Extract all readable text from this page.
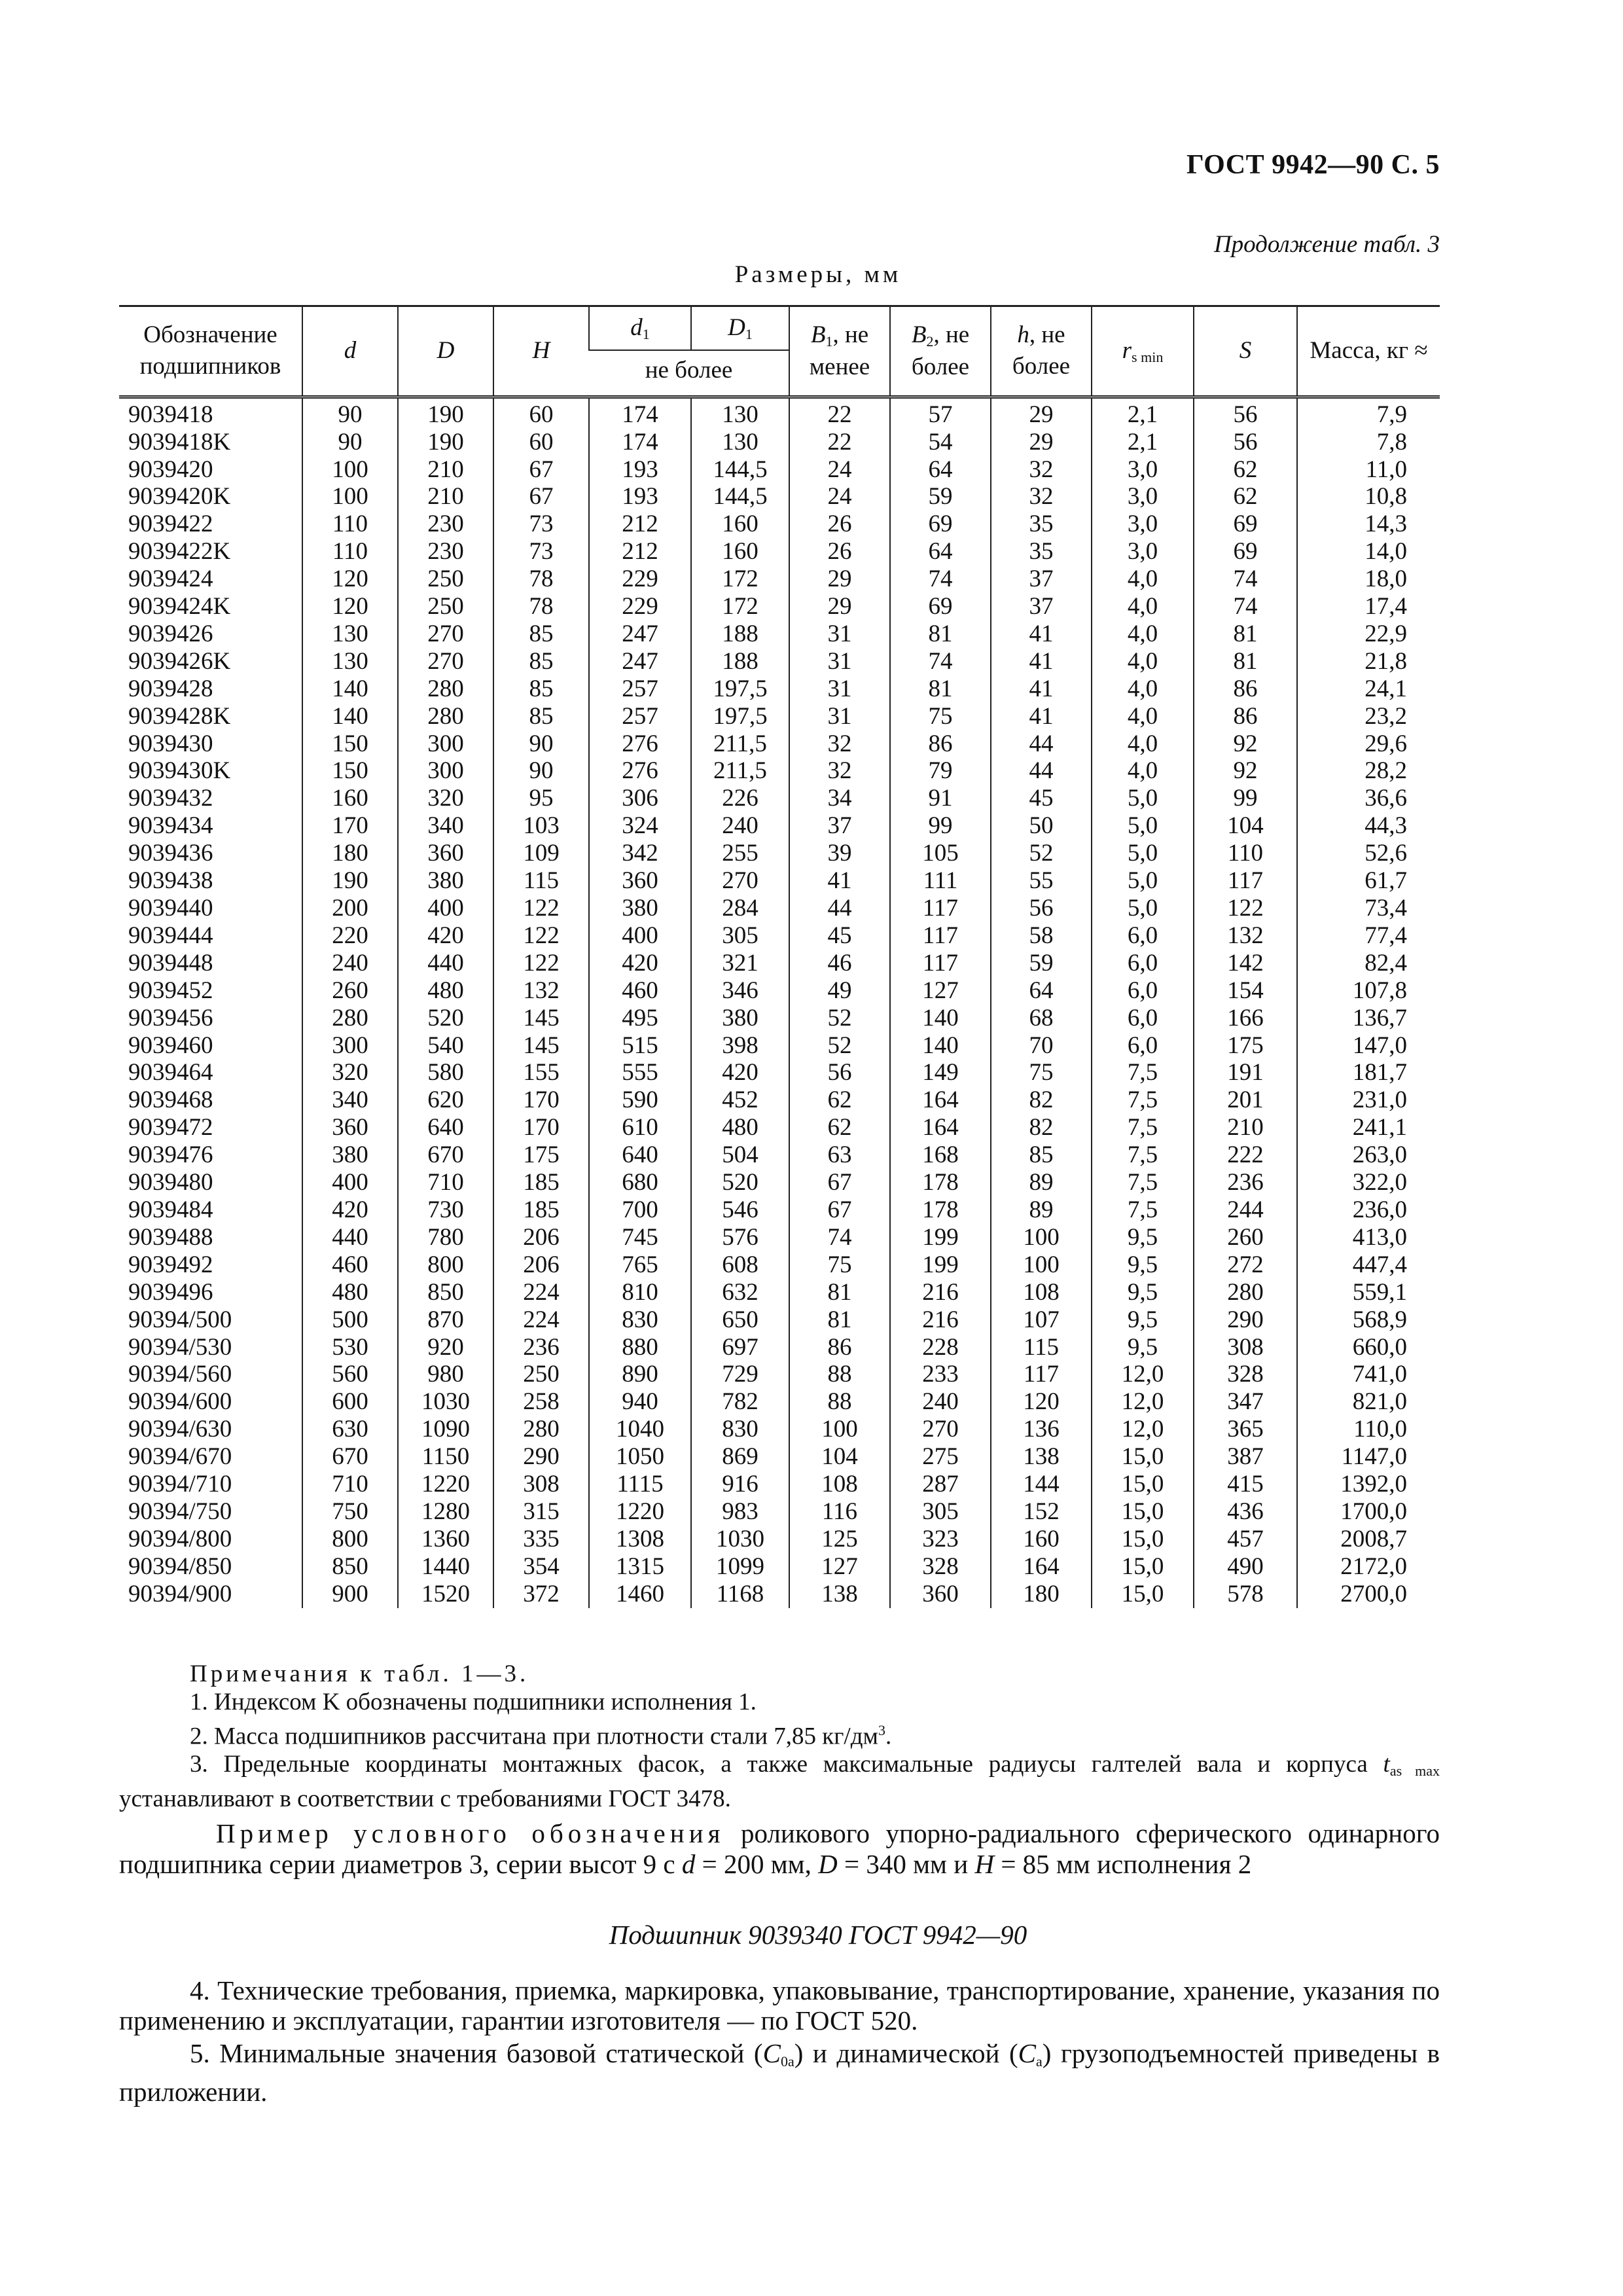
ГОСТ 9942—90 С. 5
Продолжение табл. 3
Размеры, мм
Обозначение подшипников	d	D	H	$d_1$	$D_1$	$B_1$, не менее	$B_2$, не более	h, не более	$r_{s min}$	S	Масса, кг ≈
				не более							
9039418	90	190	60	174	130	22	57	29	2,1	56	7,9
9039418K	90	190	60	174	130	22	54	29	2,1	56	7,8
9039420	100	210	67	193	144,5	24	64	32	3,0	62	11,0
9039420K	100	210	67	193	144,5	24	59	32	3,0	62	10,8
9039422	110	230	73	212	160	26	69	35	3,0	69	14,3
9039422K	110	230	73	212	160	26	64	35	3,0	69	14,0
9039424	120	250	78	229	172	29	74	37	4,0	74	18,0
9039424K	120	250	78	229	172	29	69	37	4,0	74	17,4
9039426	130	270	85	247	188	31	81	41	4,0	81	22,9
9039426K	130	270	85	247	188	31	74	41	4,0	81	21,8
9039428	140	280	85	257	197,5	31	81	41	4,0	86	24,1
9039428K	140	280	85	257	197,5	31	75	41	4,0	86	23,2
9039430	150	300	90	276	211,5	32	86	44	4,0	92	29,6
9039430K	150	300	90	276	211,5	32	79	44	4,0	92	28,2
9039432	160	320	95	306	226	34	91	45	5,0	99	36,6
9039434	170	340	103	324	240	37	99	50	5,0	104	44,3
9039436	180	360	109	342	255	39	105	52	5,0	110	52,6
9039438	190	380	115	360	270	41	111	55	5,0	117	61,7
9039440	200	400	122	380	284	44	117	56	5,0	122	73,4
9039444	220	420	122	400	305	45	117	58	6,0	132	77,4
9039448	240	440	122	420	321	46	117	59	6,0	142	82,4
9039452	260	480	132	460	346	49	127	64	6,0	154	107,8
9039456	280	520	145	495	380	52	140	68	6,0	166	136,7
9039460	300	540	145	515	398	52	140	70	6,0	175	147,0
9039464	320	580	155	555	420	56	149	75	7,5	191	181,7
9039468	340	620	170	590	452	62	164	82	7,5	201	231,0
9039472	360	640	170	610	480	62	164	82	7,5	210	241,1
9039476	380	670	175	640	504	63	168	85	7,5	222	263,0
9039480	400	710	185	680	520	67	178	89	7,5	236	322,0
9039484	420	730	185	700	546	67	178	89	7,5	244	236,0
9039488	440	780	206	745	576	74	199	100	9,5	260	413,0
9039492	460	800	206	765	608	75	199	100	9,5	272	447,4
9039496	480	850	224	810	632	81	216	108	9,5	280	559,1
90394/500	500	870	224	830	650	81	216	107	9,5	290	568,9
90394/530	530	920	236	880	697	86	228	115	9,5	308	660,0
90394/560	560	980	250	890	729	88	233	117	12,0	328	741,0
90394/600	600	1030	258	940	782	88	240	120	12,0	347	821,0
90394/630	630	1090	280	1040	830	100	270	136	12,0	365	110,0
90394/670	670	1150	290	1050	869	104	275	138	15,0	387	1147,0
90394/710	710	1220	308	1115	916	108	287	144	15,0	415	1392,0
90394/750	750	1280	315	1220	983	116	305	152	15,0	436	1700,0
90394/800	800	1360	335	1308	1030	125	323	160	15,0	457	2008,7
90394/850	850	1440	354	1315	1099	127	328	164	15,0	490	2172,0
90394/900	900	1520	372	1460	1168	138	360	180	15,0	578	2700,0
Примечания к табл. 1—3.
1. Индексом K обозначены подшипники исполнения 1.
2. Масса подшипников рассчитана при плотности стали 7,85 $кг/дм^3$.
3. Предельные координаты монтажных фасок, а также максимальные радиусы галтелей вала и корпуса $t_{as max}$ устанавливают в соответствии с требованиями ГОСТ 3478.
Пример условного обозначения роликового упорно-радиального сферического одинарного подшипника серии диаметров 3, серии высот 9 с d = 200 мм, D = 340 мм и H = 85 мм исполнения 2
Подшипник 9039340 ГОСТ 9942—90

4. Технические требования, приемка, маркировка, упаковывание, транспортирование, хранение, указания по применению и эксплуатации, гарантии изготовителя — по ГОСТ 520.

5. Минимальные значения базовой статической $(C_{0a})$ и динамической $(C_a)$ грузоподъемностей приведены в приложении.
